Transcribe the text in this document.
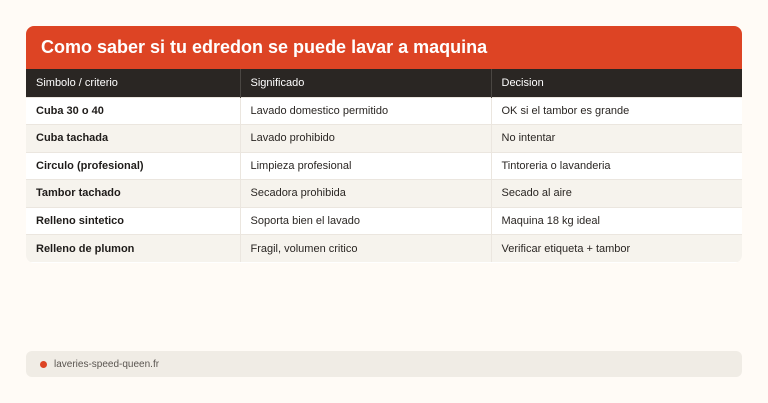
Como saber si tu edredon se puede lavar a maquina
Simbolo / criterio	Significado	Decision
Cuba 30 o 40	Lavado domestico permitido	OK si el tambor es grande
Cuba tachada	Lavado prohibido	No intentar
Circulo (profesional)	Limpieza profesional	Tintoreria o lavanderia
Tambor tachado	Secadora prohibida	Secado al aire
Relleno sintetico	Soporta bien el lavado	Maquina 18 kg ideal
Relleno de plumon	Fragil, volumen critico	Verificar etiqueta + tambor
laveries-speed-queen.fr
